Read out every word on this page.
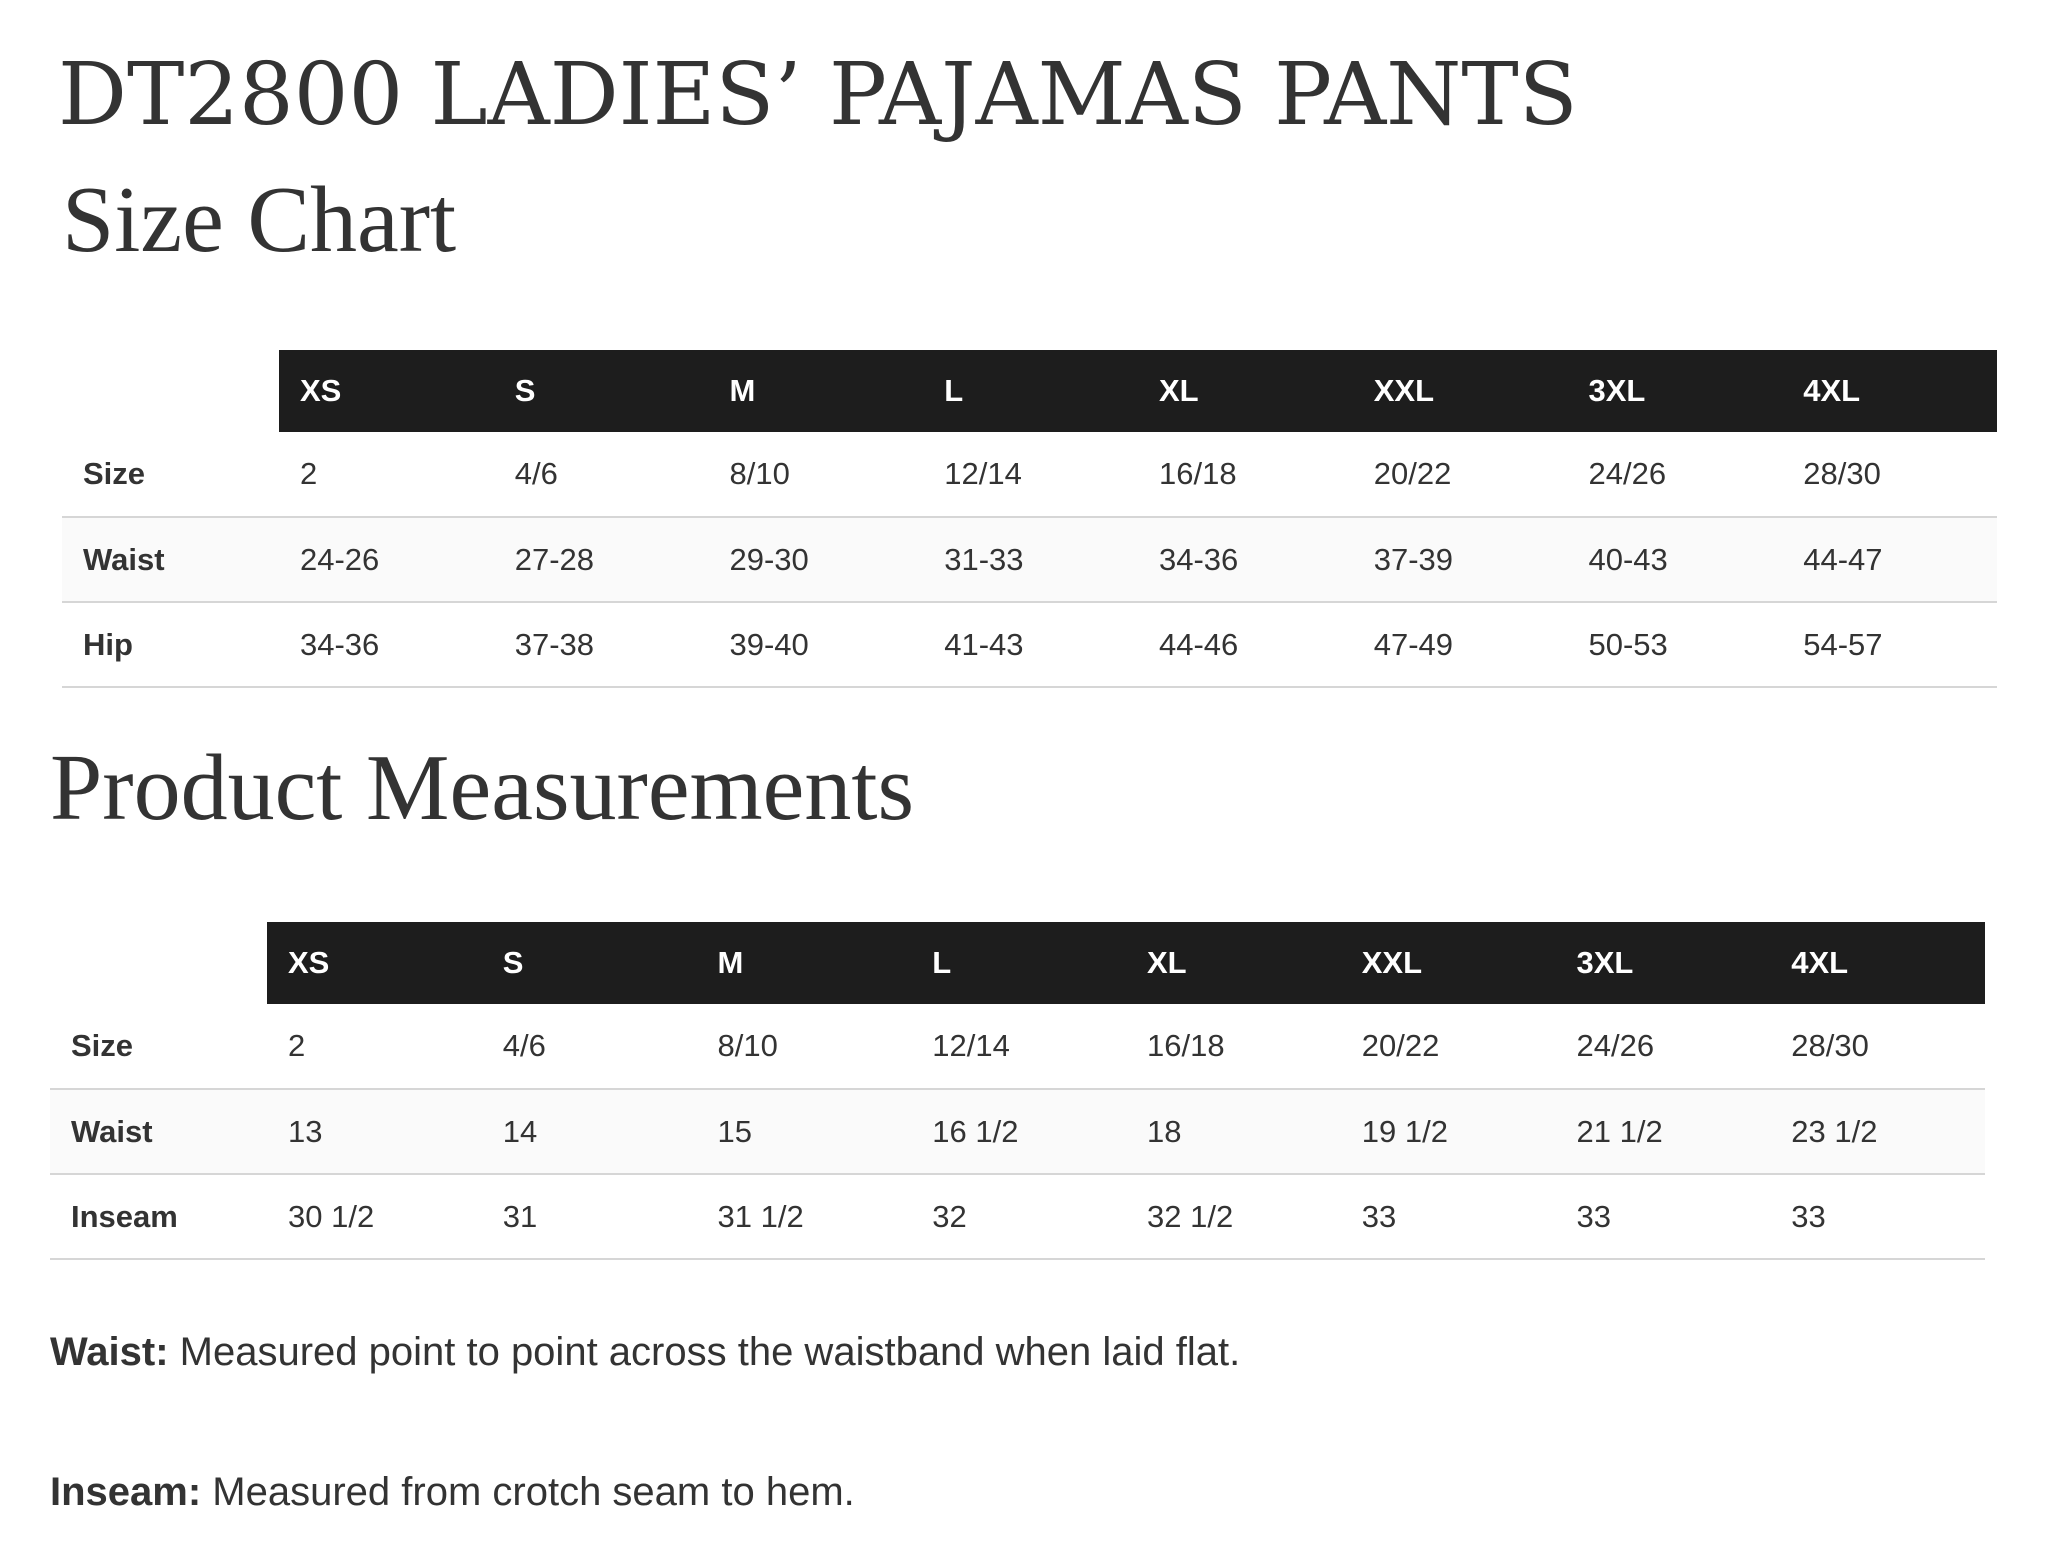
DT2800 LADIES’ PAJAMAS PANTS
Size Chart
	XS	S	M	L	XL	XXL	3XL	4XL
Size	2	4/6	8/10	12/14	16/18	20/22	24/26	28/30
Waist	24-26	27-28	29-30	31-33	34-36	37-39	40-43	44-47
Hip	34-36	37-38	39-40	41-43	44-46	47-49	50-53	54-57
Product Measurements
	XS	S	M	L	XL	XXL	3XL	4XL
Size	2	4/6	8/10	12/14	16/18	20/22	24/26	28/30
Waist	13	14	15	16 1/2	18	19 1/2	21 1/2	23 1/2
Inseam	30 1/2	31	31 1/2	32	32 1/2	33	33	33

Waist: Measured point to point across the waistband when laid flat.

Inseam: Measured from crotch seam to hem.
